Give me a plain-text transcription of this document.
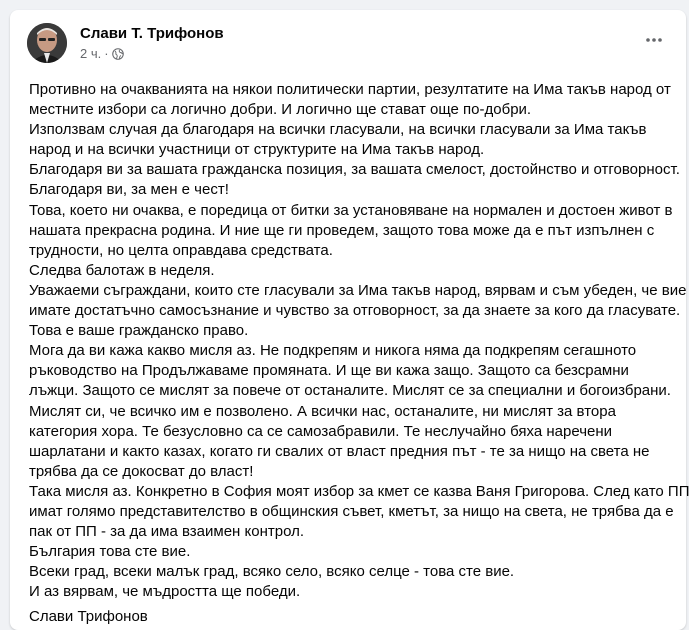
Слави Т. Трифонов
2 ч. ·
Противно на очакванията на някои политически партии, резултатите на Има такъв народ от
местните избори са логично добри. И логично ще стават още по-добри.
Използвам случая да благодаря на всички гласували, на всички гласували за Има такъв
народ и на всички участници от структурите на Има такъв народ.
Благодаря ви за вашата гражданска позиция, за вашата смелост, достойнство и отговорност.
Благодаря ви, за мен е чест!
Това, което ни очаква, е поредица от битки за установяване на нормален и достоен живот в
нашата прекрасна родина. И ние ще ги проведем, защото това може да е път изпълнен с
трудности, но целта оправдава средствата.
Следва балотаж в неделя.
Уважаеми съграждани, които сте гласували за Има такъв народ, вярвам и съм убеден, че вие
имате достатъчно самосъзнание и чувство за отговорност, за да знаете за кого да гласувате.
Това е ваше гражданско право.
Мога да ви кажа какво мисля аз. Не подкрепям и никога няма да подкрепям сегашното
ръководство на Продължаваме промяната. И ще ви кажа защо. Защото са безсрамни
лъжци. Защото се мислят за повече от останалите. Мислят се за специални и богоизбрани.
Мислят си, че всичко им е позволено. А всички нас, останалите, ни мислят за втора
категория хора. Те безусловно са се самозабравили. Те неслучайно бяха наречени
шарлатани и както казах, когато ги свалих от власт предния път - те за нищо на света не
трябва да се докосват до власт!
Така мисля аз. Конкретно в София моят избор за кмет се казва Ваня Григорова. След като ПП
имат голямо представителство в общинския съвет, кметът, за нищо на света, не трябва да е
пак от ПП - за да има взаимен контрол.
България това сте вие.
Всеки град, всеки малък град, всяко село, всяко селце - това сте вие.
И аз вярвам, че мъдростта ще победи.
Слави Трифонов
